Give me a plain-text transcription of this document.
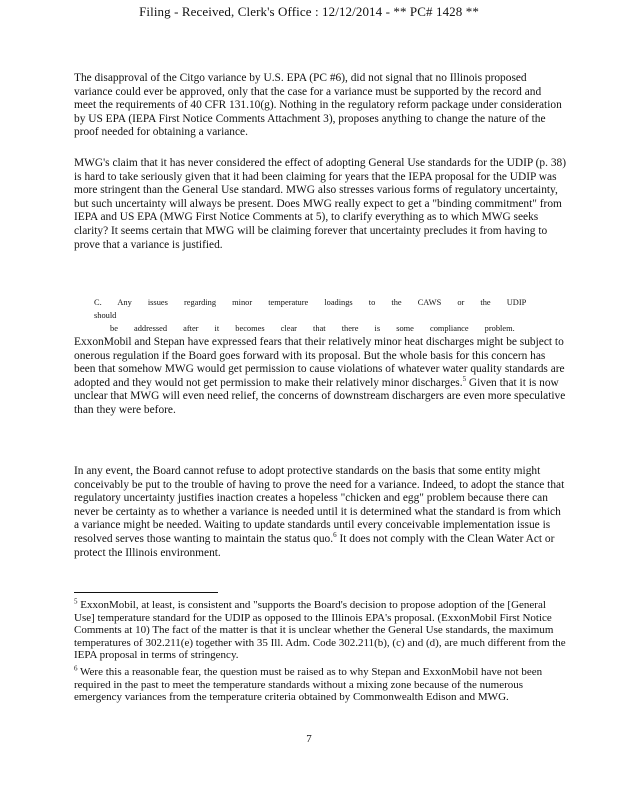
Filing - Received, Clerk's Office : 12/12/2014 - ** PC# 1428 **

The disapproval of the Citgo variance by U.S. EPA (PC #6), did not signal that no Illinois proposed variance could ever be approved, only that the case for a variance must be supported by the record and meet the requirements of 40 CFR 131.10(g). Nothing in the regulatory reform package under consideration by US EPA (IEPA First Notice Comments Attachment 3), proposes anything to change the nature of the proof needed for obtaining a variance.

MWG's claim that it has never considered the effect of adopting General Use standards for the UDIP (p. 38) is hard to take seriously given that it had been claiming for years that the IEPA proposal for the UDIP was more stringent than the General Use standard. MWG also stresses various forms of regulatory uncertainty, but such uncertainty will always be present. Does MWG really expect to get a "binding commitment" from IEPA and US EPA (MWG First Notice Comments at 5), to clarify everything as to which MWG seeks clarity? It seems certain that MWG will be claiming forever that uncertainty precludes it from having to prove that a variance is justified.

C. Any issues regarding minor temperature loadings to the CAWS or the UDIP should
be addressed after it becomes clear that there is some compliance problem.

ExxonMobil and Stepan have expressed fears that their relatively minor heat discharges might be subject to onerous regulation if the Board goes forward with its proposal. But the whole basis for this concern has been that somehow MWG would get permission to cause violations of whatever water quality standards are adopted and they would not get permission to make their relatively minor discharges.$^5$ Given that it is now unclear that MWG will even need relief, the concerns of downstream dischargers are even more speculative than they were before.

In any event, the Board cannot refuse to adopt protective standards on the basis that some entity might conceivably be put to the trouble of having to prove the need for a variance. Indeed, to adopt the stance that regulatory uncertainty justifies inaction creates a hopeless "chicken and egg" problem because there can never be certainty as to whether a variance is needed until it is determined what the standard is from which a variance might be needed. Waiting to update standards until every conceivable implementation issue is resolved serves those wanting to maintain the status quo.$^6$ It does not comply with the Clean Water Act or protect the Illinois environment.

$^5$ ExxonMobil, at least, is consistent and "supports the Board's decision to propose adoption of the [General Use] temperature standard for the UDIP as opposed to the Illinois EPA's proposal. (ExxonMobil First Notice Comments at 10) The fact of the matter is that it is unclear whether the General Use standards, the maximum temperatures of 302.211(e) together with 35 Ill. Adm. Code 302.211(b), (c) and (d), are much different from the IEPA proposal in terms of stringency.

$^6$ Were this a reasonable fear, the question must be raised as to why Stepan and ExxonMobil have not been required in the past to meet the temperature standards without a mixing zone because of the numerous emergency variances from the temperature criteria obtained by Commonwealth Edison and MWG.

7
